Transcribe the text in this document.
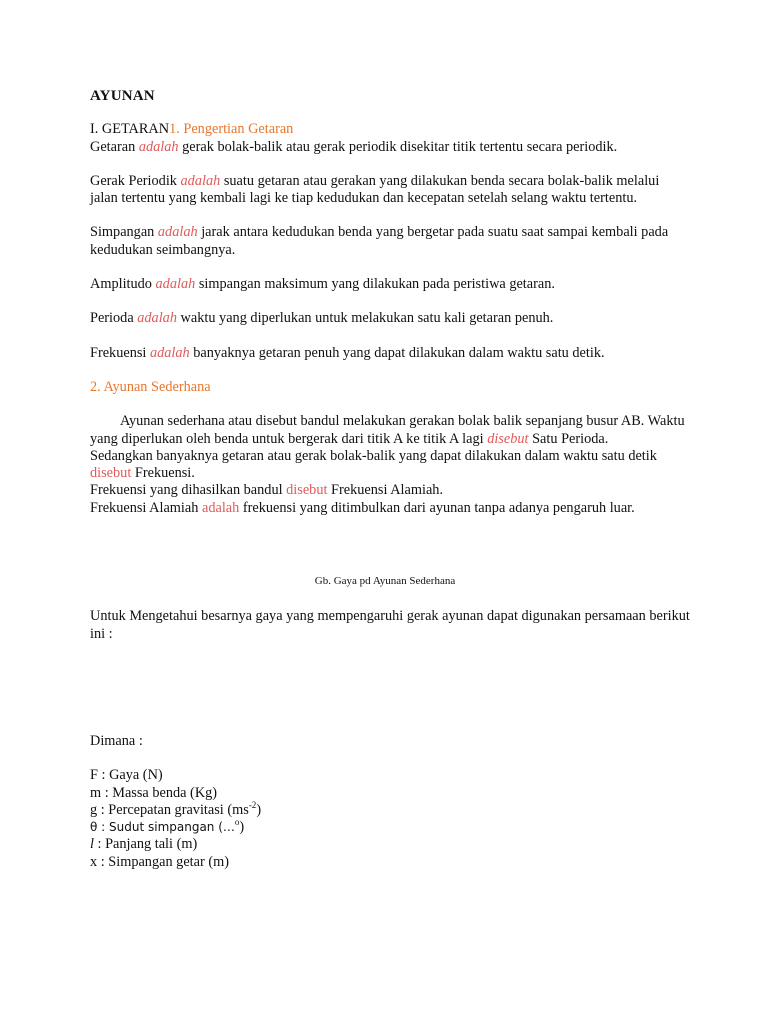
AYUNAN

I. GETARAN1. Pengertian Getaran

Getaran adalah gerak bolak-balik atau gerak periodik disekitar titik tertentu secara periodik.

Gerak Periodik adalah suatu getaran atau gerakan yang dilakukan benda secara bolak-balik melalui jalan tertentu yang kembali lagi ke tiap kedudukan dan kecepatan setelah selang waktu tertentu.

Simpangan adalah jarak antara kedudukan benda yang bergetar pada suatu saat sampai kembali pada kedudukan seimbangnya.

Amplitudo adalah simpangan maksimum yang dilakukan pada peristiwa getaran.

Perioda adalah waktu yang diperlukan untuk melakukan satu kali getaran penuh.

Frekuensi adalah banyaknya getaran penuh yang dapat dilakukan dalam waktu satu detik.

2. Ayunan Sederhana

Ayunan sederhana atau disebut bandul melakukan gerakan bolak balik sepanjang busur AB. Waktu yang diperlukan oleh benda untuk bergerak dari titik A ke titik A lagi disebut Satu Perioda.

Sedangkan banyaknya getaran atau gerak bolak-balik yang dapat dilakukan dalam waktu satu detik disebut Frekuensi.

Frekuensi yang dihasilkan bandul disebut Frekuensi Alamiah.

Frekuensi Alamiah adalah frekuensi yang ditimbulkan dari ayunan tanpa adanya pengaruh luar.

Gb. Gaya pd Ayunan Sederhana

Untuk Mengetahui besarnya gaya yang mempengaruhi gerak ayunan dapat digunakan persamaan berikut ini :

Dimana :

F : Gaya (N)

m : Massa benda (Kg)

g : Percepatan gravitasi $(ms^{-2})$

θ : Sudut simpangan (…$^o$)

l : Panjang tali (m)

x : Simpangan getar (m)
